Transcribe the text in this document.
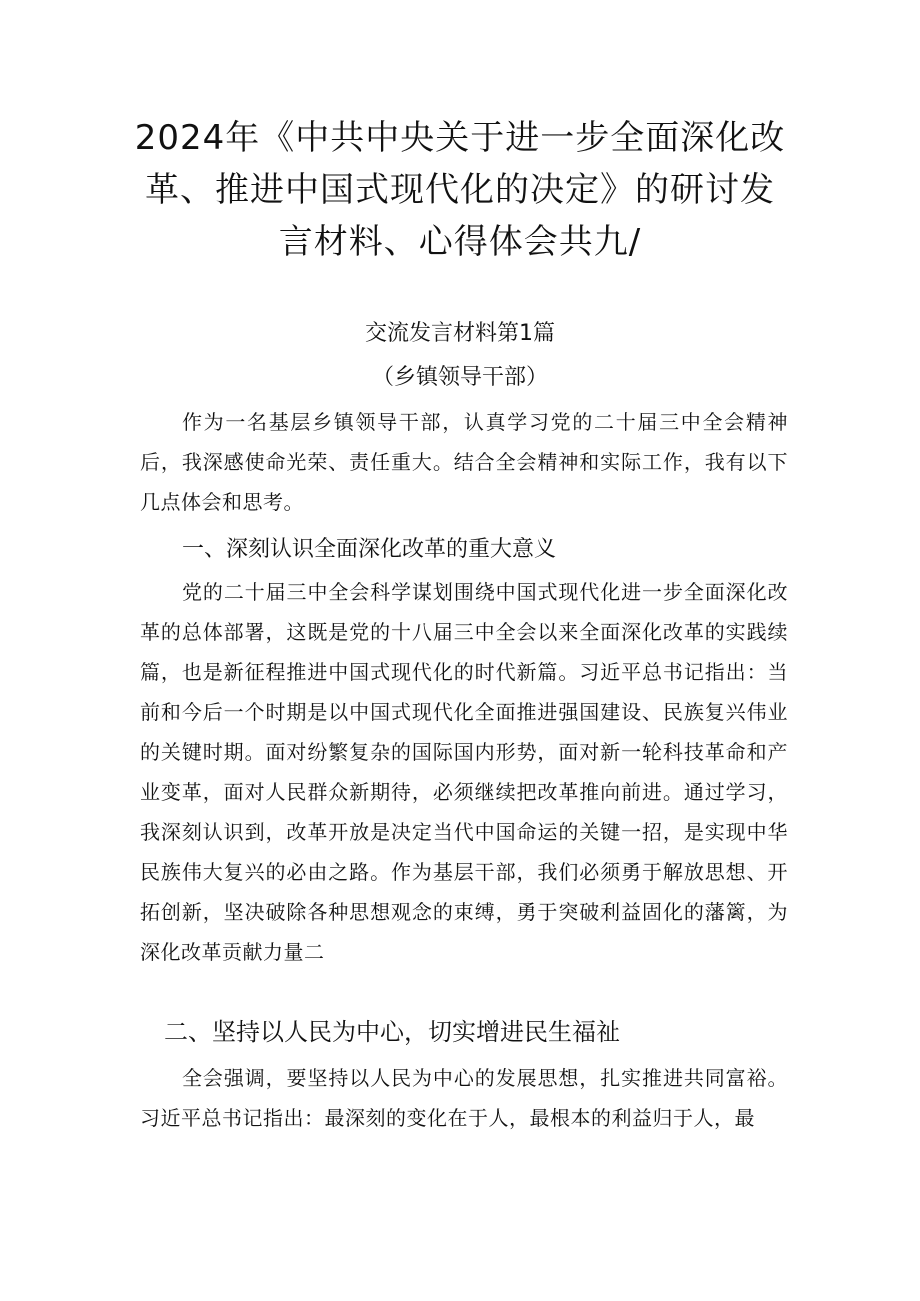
2024年《中共中央关于进一步全面深化改
革、推进中国式现代化的决定》的研讨发
言材料、心得体会共九/
交流发言材料第1篇
（乡镇领导干部）

作为一名基层乡镇领导干部，认真学习党的二十届三中全会精神后，我深感使命光荣、责任重大。结合全会精神和实际工作，我有以下几点体会和思考。

一、深刻认识全面深化改革的重大意义

党的二十届三中全会科学谋划围绕中国式现代化进一步全面深化改革的总体部署，这既是党的十八届三中全会以来全面深化改革的实践续篇，也是新征程推进中国式现代化的时代新篇。习近平总书记指出：当前和今后一个时期是以中国式现代化全面推进强国建设、民族复兴伟业的关键时期。面对纷繁复杂的国际国内形势，面对新一轮科技革命和产业变革，面对人民群众新期待，必须继续把改革推向前进。通过学习，我深刻认识到，改革开放是决定当代中国命运的关键一招，是实现中华民族伟大复兴的必由之路。作为基层干部，我们必须勇于解放思想、开拓创新，坚决破除各种思想观念的束缚，勇于突破利益固化的藩篱，为深化改革贡献力量二

二、坚持以人民为中心，切实增进民生福祉

全会强调，要坚持以人民为中心的发展思想，扎实推进共同富裕。习近平总书记指出：最深刻的变化在于人，最根本的利益归于人，最
